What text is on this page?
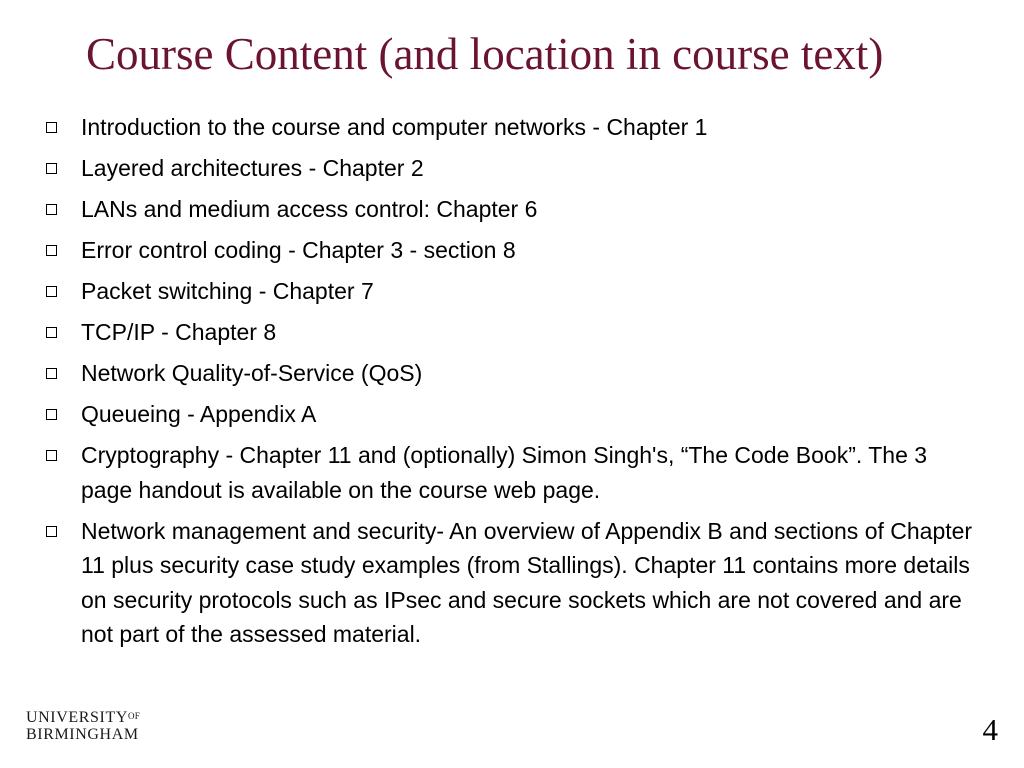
Course Content (and location in course text)
Introduction to the course and computer networks - Chapter 1
Layered architectures - Chapter 2
LANs and medium access control: Chapter 6
Error control coding - Chapter 3 - section 8
Packet switching - Chapter 7
TCP/IP - Chapter 8
Network Quality-of-Service (QoS)
Queueing - Appendix A
Cryptography - Chapter 11 and (optionally) Simon Singh's, “The Code Book”. The 3 page handout is available on the course web page.
Network management and security- An overview of Appendix B and sections of Chapter 11 plus security case study examples (from Stallings). Chapter 11 contains more details on security protocols such as IPsec and secure sockets which are not covered and are not part of the assessed material.
$UNIVERSITY^{OF}$
BIRMINGHAM	4
